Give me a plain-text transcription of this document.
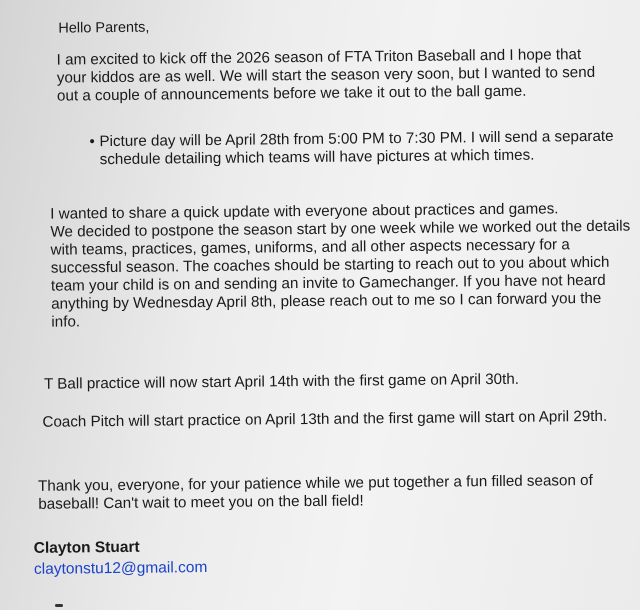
Hello Parents,

I am excited to kick off the 2026 season of FTA Triton Baseball and I hope that your kiddos are as well. We will start the season very soon, but I wanted to send out a couple of announcements before we take it out to the ball game.

• Picture day will be April 28th from 5:00 PM to 7:30 PM. I will send a separate schedule detailing which teams will have pictures at which times.
I wanted to share a quick update with everyone about practices and games.
We decided to postpone the season start by one week while we worked out the details with teams, practices, games, uniforms, and all other aspects necessary for a successful season. The coaches should be starting to reach out to you about which team your child is on and sending an invite to Gamechanger. If you have not heard anything by Wednesday April 8th, please reach out to me so I can forward you the info.

T Ball practice will now start April 14th with the first game on April 30th.

Coach Pitch will start practice on April 13th and the first game will start on April 29th.

Thank you, everyone, for your patience while we put together a fun filled season of baseball! Can't wait to meet you on the ball field!

Clayton Stuart

claytonstu12@gmail.com
